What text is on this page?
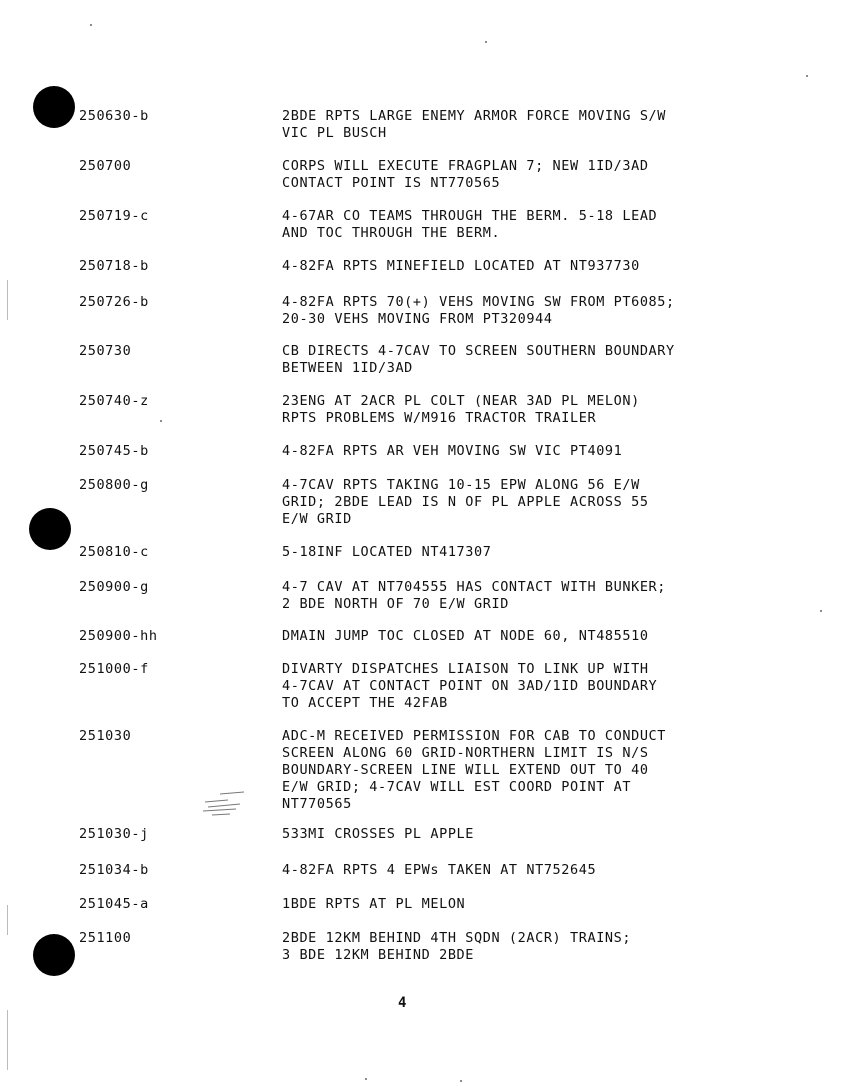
250630-b	2BDE RPTS LARGE ENEMY ARMOR FORCE MOVING S/W
VIC PL BUSCH
250700	CORPS WILL EXECUTE FRAGPLAN 7; NEW 1ID/3AD
CONTACT POINT IS NT770565
250719-c	4-67AR CO TEAMS THROUGH THE BERM. 5-18 LEAD
AND TOC THROUGH THE BERM.
250718-b	4-82FA RPTS MINEFIELD LOCATED AT NT937730
250726-b	4-82FA RPTS 70(+) VEHS MOVING SW FROM PT6085;
20-30 VEHS MOVING FROM PT320944
250730	CB DIRECTS 4-7CAV TO SCREEN SOUTHERN BOUNDARY
BETWEEN 1ID/3AD
250740-z	23ENG AT 2ACR PL COLT (NEAR 3AD PL MELON)
RPTS PROBLEMS W/M916 TRACTOR TRAILER
250745-b	4-82FA RPTS AR VEH MOVING SW VIC PT4091
250800-g	4-7CAV RPTS TAKING 10-15 EPW ALONG 56 E/W
GRID; 2BDE LEAD IS N OF PL APPLE ACROSS 55
E/W GRID
250810-c	5-18INF LOCATED NT417307
250900-g	4-7 CAV AT NT704555 HAS CONTACT WITH BUNKER;
2 BDE NORTH OF 70 E/W GRID
250900-hh	DMAIN JUMP TOC CLOSED AT NODE 60, NT485510
251000-f	DIVARTY DISPATCHES LIAISON TO LINK UP WITH
4-7CAV AT CONTACT POINT ON 3AD/1ID BOUNDARY
TO ACCEPT THE 42FAB
251030	ADC-M RECEIVED PERMISSION FOR CAB TO CONDUCT
SCREEN ALONG 60 GRID-NORTHERN LIMIT IS N/S
BOUNDARY-SCREEN LINE WILL EXTEND OUT TO 40
E/W GRID; 4-7CAV WILL EST COORD POINT AT
NT770565
251030-j	533MI CROSSES PL APPLE
251034-b	4-82FA RPTS 4 EPWs TAKEN AT NT752645
251045-a	1BDE RPTS AT PL MELON
251100	2BDE 12KM BEHIND 4TH SQDN (2ACR) TRAINS;
3 BDE 12KM BEHIND 2BDE
4
